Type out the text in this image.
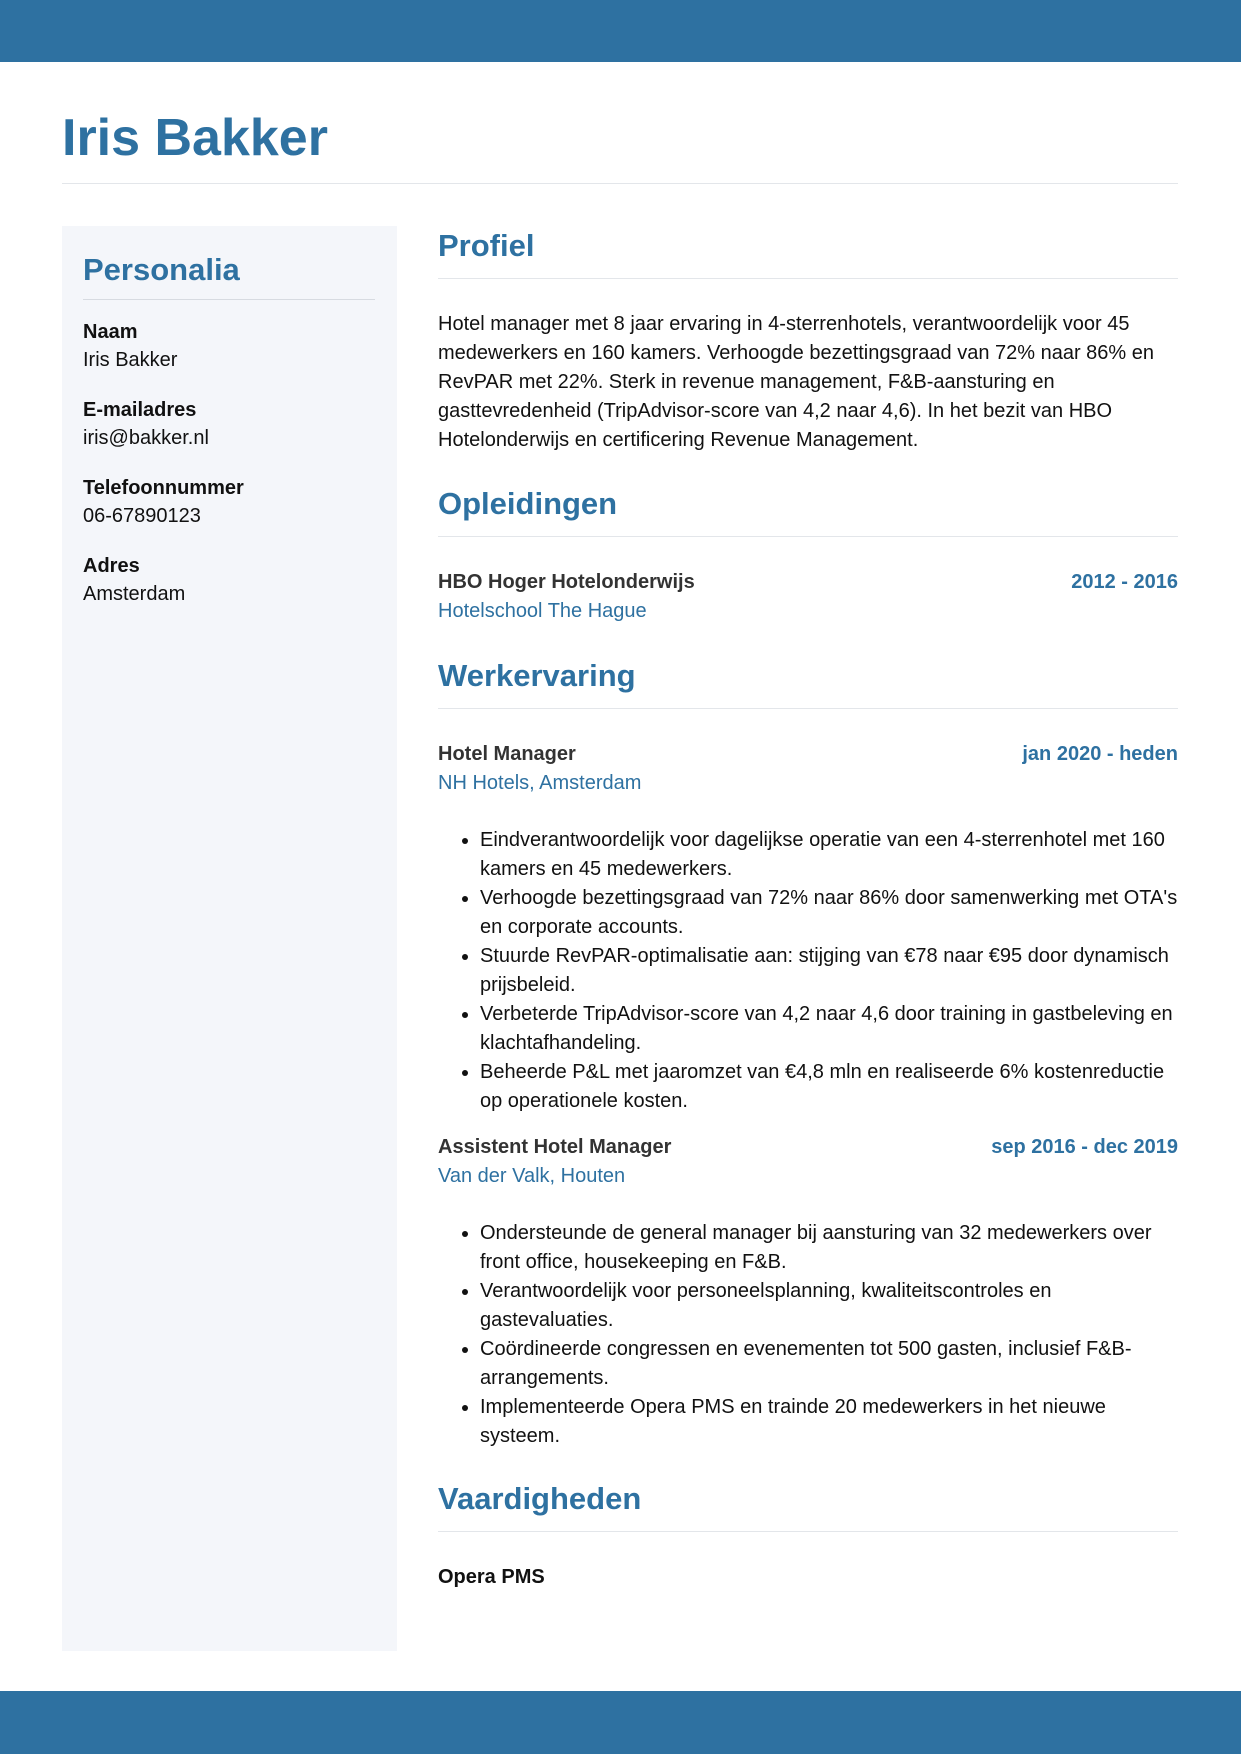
Iris Bakker
Personalia
Naam
Iris Bakker
E-mailadres
iris@bakker.nl
Telefoonnummer
06-67890123
Adres
Amsterdam
Profiel

Hotel manager met 8 jaar ervaring in 4-sterrenhotels, verantwoordelijk voor 45 medewerkers en 160 kamers. Verhoogde bezettingsgraad van 72% naar 86% en RevPAR met 22%. Sterk in revenue management, F&B-aansturing en gasttevredenheid (TripAdvisor-score van 4,2 naar 4,6). In het bezit van HBO Hotelonderwijs en certificering Revenue Management.

Opleidingen
HBO Hoger Hotelonderwijs	2012 - 2016
Hotelschool The Hague
Werkervaring
Hotel Manager	jan 2020 - heden
NH Hotels, Amsterdam
• Eindverantwoordelijk voor dagelijkse operatie van een 4-sterrenhotel met 160 kamers en 45 medewerkers.
• Verhoogde bezettingsgraad van 72% naar 86% door samenwerking met OTA's en corporate accounts.
• Stuurde RevPAR-optimalisatie aan: stijging van €78 naar €95 door dynamisch prijsbeleid.
• Verbeterde TripAdvisor-score van 4,2 naar 4,6 door training in gastbeleving en klachtafhandeling.
• Beheerde P&L met jaaromzet van €4,8 mln en realiseerde 6% kostenreductie op operationele kosten.
Assistent Hotel Manager	sep 2016 - dec 2019
Van der Valk, Houten
• Ondersteunde de general manager bij aansturing van 32 medewerkers over front office, housekeeping en F&B.
• Verantwoordelijk voor personeelsplanning, kwaliteitscontroles en gastevaluaties.
• Coördineerde congressen en evenementen tot 500 gasten, inclusief F&B-arrangements.
• Implementeerde Opera PMS en trainde 20 medewerkers in het nieuwe systeem.
Vaardigheden
Opera PMS
